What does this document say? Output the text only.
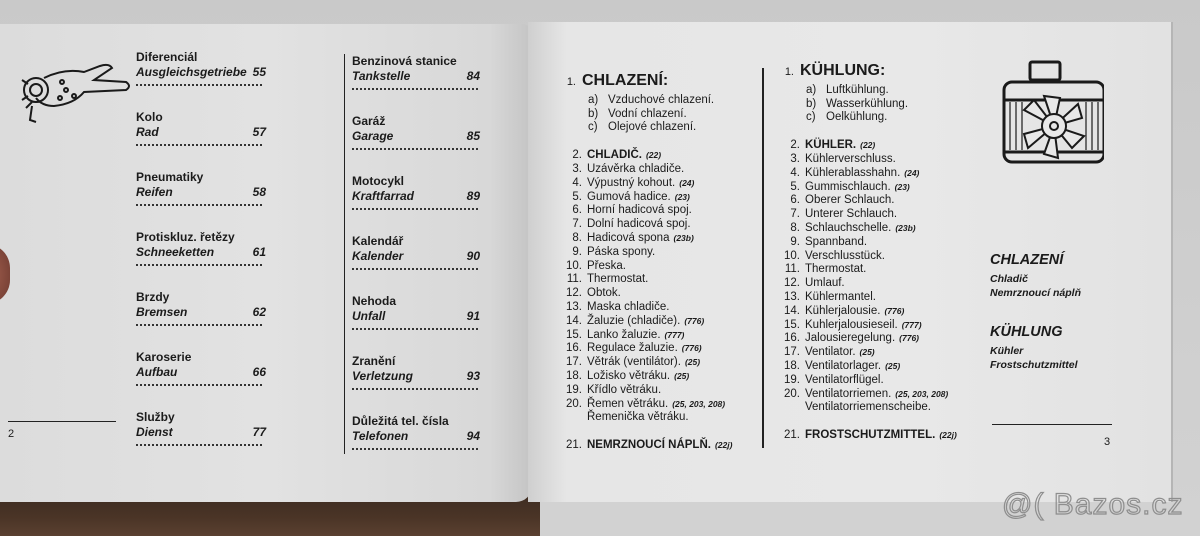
Diferenciál
Ausgleichsgetriebe 55
Kolo
Rad	57
Pneumatiky
Reifen	58
Protiskluz. řetězy
Schneeketten	61
Brzdy
Bremsen	62
Karoserie
Aufbau	66
Služby
Dienst	77
Benzinová stanice
Tankstelle	84
Garáž
Garage	85
Motocykl
Kraftfarrad	89
Kalendář
Kalender	90
Nehoda
Unfall	91
Zranění
Verletzung	93
Důležitá tel. čísla
Telefonen	94
2
1. CHLAZENÍ:
a) Vzduchové chlazení.
b) Vodní chlazení.
c) Olejové chlazení.
2. CHLADIČ. (22)
3. Uzávěrka chladiče.
4. Výpustný kohout. (24)
5. Gumová hadice. (23)
6. Horní hadicová spoj.
7. Dolní hadicová spoj.
8. Hadicová spona (23b)
9. Páska spony.
10. Přeska.
11. Thermostat.
12. Obtok.
13. Maska chladiče.
14. Žaluzie (chladiče). (776)
15. Lanko žaluzie. (777)
16. Regulace žaluzie. (776)
17. Větrák (ventilátor). (25)
18. Ložisko větráku. (25)
19. Křídlo větráku.
20. Řemen větráku. (25, 203, 208)
Řemenička větráku.
21. NEMRZNOUCÍ NÁPLŇ. (22j)
1. KÜHLUNG:
a) Luftkühlung.
b) Wasserkühlung.
c) Oelkühlung.
2. KÜHLER. (22)
3. Kühlerverschluss.
4. Kühlerablasshahn. (24)
5. Gummischlauch. (23)
6. Oberer Schlauch.
7. Unterer Schlauch.
8. Schlauchschelle. (23b)
9. Spannband.
10. Verschlusstück.
11. Thermostat.
12. Umlauf.
13. Kühlermantel.
14. Kühlerjalousie. (776)
15. Kuhlerjalousieseil. (777)
16. Jalousieregelung. (776)
17. Ventilator. (25)
18. Ventilatorlager. (25)
19. Ventilatorflügel.
20. Ventilatorriemen. (25, 203, 208)
Ventilatorriemenscheibe.
21. FROSTSCHUTZMITTEL. (22j)
CHLAZENÍ
Chladič
Nemrznoucí náplň
KÜHLUNG
Kühler
Frostschutzmittel
3
@( Bazos.cz
